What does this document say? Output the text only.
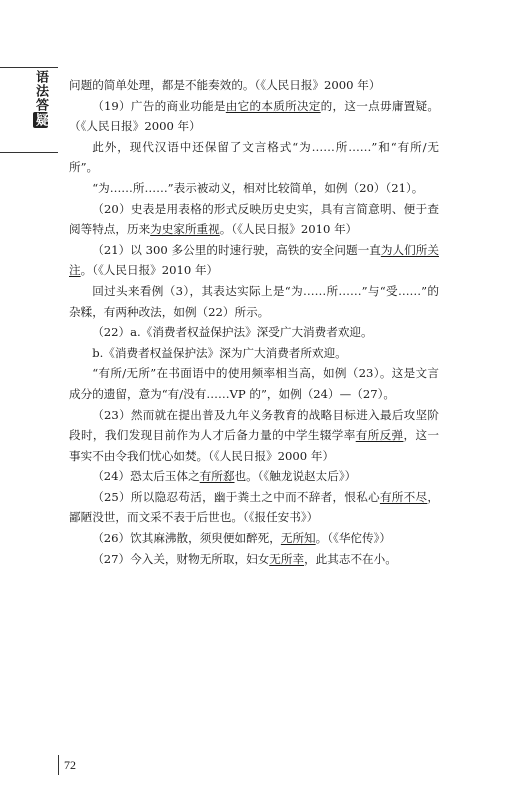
语法答疑

问题的简单处理，都是不能奏效的。（《人民日报》2000 年）

（19）广告的商业功能是由它的本质所决定的，这一点毋庸置疑。（《人民日报》2000 年）

此外，现代汉语中还保留了文言格式“为……所……”和“有所/无所”。

“为……所……”表示被动义，相对比较简单，如例（20）（21）。

（20）史表是用表格的形式反映历史史实，具有言简意明、便于查阅等特点，历来为史家所重视。（《人民日报》2010 年）

（21）以 300 多公里的时速行驶，高铁的安全问题一直为人们所关注。（《人民日报》2010 年）

回过头来看例（3），其表达实际上是“为……所……”与“受……”的杂糅，有两种改法，如例（22）所示。

（22）a.《消费者权益保护法》深受广大消费者欢迎。

b.《消费者权益保护法》深为广大消费者所欢迎。

“有所/无所”在书面语中的使用频率相当高，如例（23）。这是文言成分的遗留，意为“有/没有……VP 的”，如例（24）—（27）。

（23）然而就在提出普及九年义务教育的战略目标进入最后攻坚阶段时，我们发现目前作为人才后备力量的中学生辍学率有所反弹，这一事实不由令我们忧心如焚。（《人民日报》2000 年）

（24）恐太后玉体之有所郄也。（《触龙说赵太后》）

（25）所以隐忍苟活，幽于粪土之中而不辞者，恨私心有所不尽，鄙陋没世，而文采不表于后世也。（《报任安书》）

（26）饮其麻沸散，须臾便如醉死，无所知。（《华佗传》）

（27）今入关，财物无所取，妇女无所幸，此其志不在小。

72
